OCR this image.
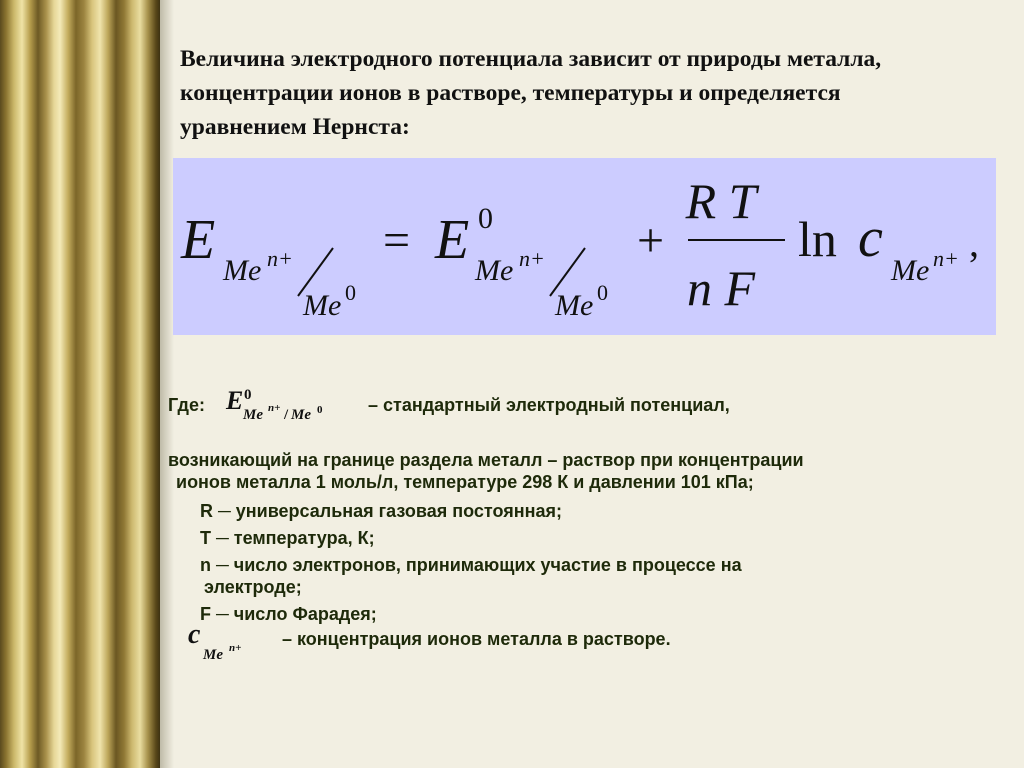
Величина электродного потенциала зависит от природы металла, концентрации ионов в растворе, температуры и определяется уравнением Нернста:

E Me n+
Me 0
= E 0
Me n+
Me 0
+
R T
n F
ln c
Me n+ ,
Где: E 0
Me n+ / Me 0	– стандартный электродный потенциал,
возникающий на границе раздела металл – раствор при концентрации
ионов металла 1 моль/л, температуре 298 К и давлении 101 кПа;
R ─ универсальная газовая постоянная;
T ─ температура, К;
n ─ число электронов, принимающих участие в процессе на
электроде;
F ─ число Фарадея;
c
Me n+ – концентрация ионов металла в растворе.
